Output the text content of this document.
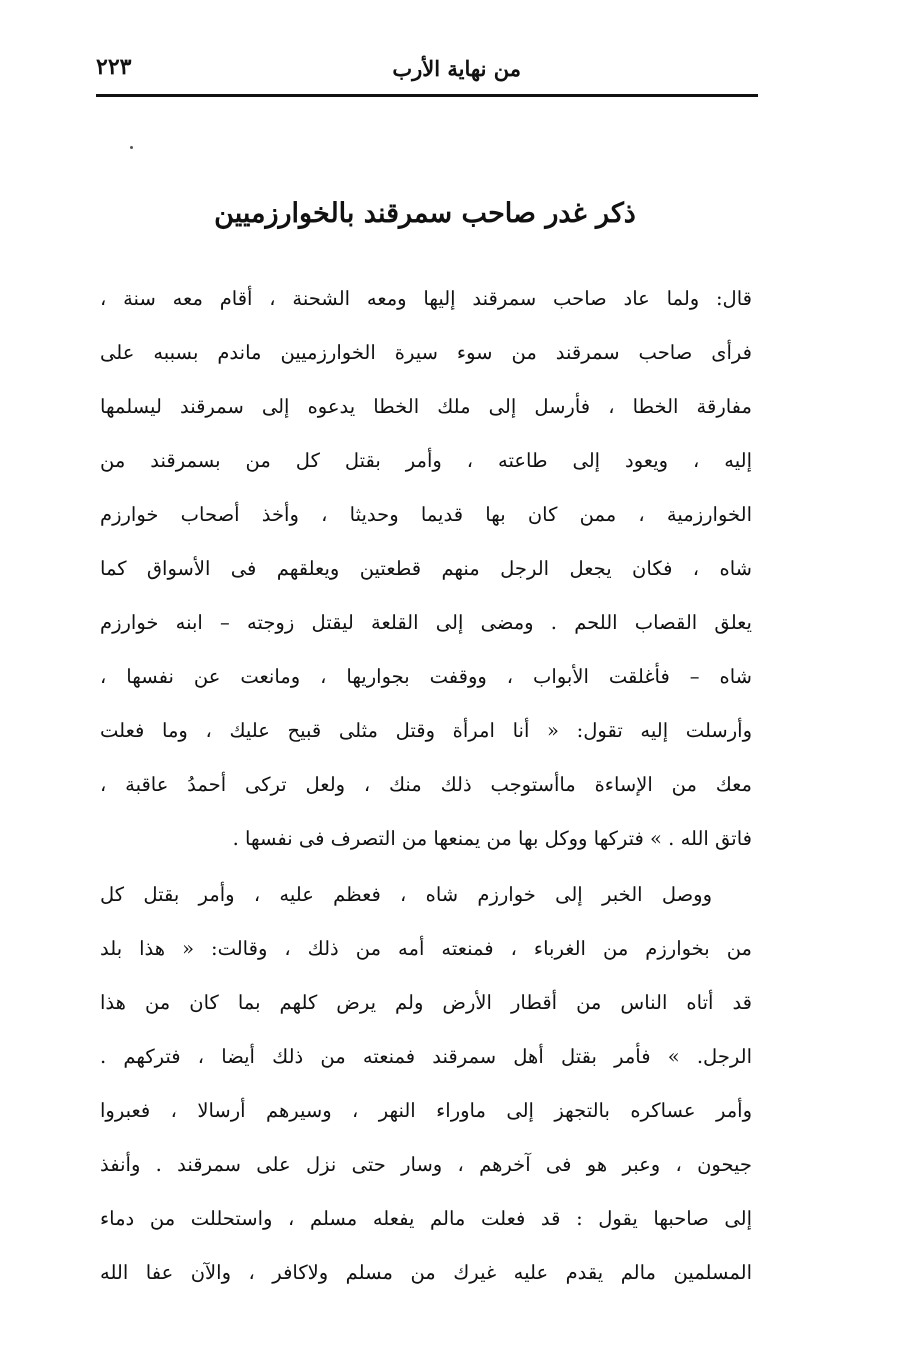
من نهاية الأرب
٢٢٣
ذكر غدر صاحب سمرقند بالخوارزميين
قال: ولما عاد صاحب سمرقند إليها ومعه الشحنة ، أقام معه سنة ،
فرأى صاحب سمرقند من سوء سيرة الخوارزميين ماندم بسببه على
مفارقة الخطا ، فأرسل إلى ملك الخطا يدعوه إلى سمرقند ليسلمها
إليه ، ويعود إلى طاعته ، وأمر بقتل كل من بسمرقند من
الخوارزمية ، ممن كان بها قديما وحديثا ، وأخذ أصحاب خوارزم
شاه ، فكان يجعل الرجل منهم قطعتين ويعلقهم فى الأسواق كما
يعلق القصاب اللحم . ومضى إلى القلعة ليقتل زوجته – ابنه خوارزم
شاه – فأغلقت الأبواب ، ووقفت بجواريها ، ومانعت عن نفسها ،
وأرسلت إليه تقول: « أنا امرأة وقتل مثلى قبيح عليك ، وما فعلت
معك من الإساءة ماأستوجب ذلك منك ، ولعل تركى أحمدُ عاقبة ،
فاتق الله . » فتركها ووكل بها من يمنعها من التصرف فى نفسها .
ووصل الخبر إلى خوارزم شاه ، فعظم عليه ، وأمر بقتل كل
من بخوارزم من الغرباء ، فمنعته أمه من ذلك ، وقالت: « هذا بلد
قد أتاه الناس من أقطار الأرض ولم يرض كلهم بما كان من هذا
الرجل. » فأمر بقتل أهل سمرقند فمنعته من ذلك أيضا ، فتركهم .
وأمر عساكره بالتجهز إلى ماوراء النهر ، وسيرهم أرسالا ، فعبروا
جيحون ، وعبر هو فى آخرهم ، وسار حتى نزل على سمرقند . وأنفذ
إلى صاحبها يقول : قد فعلت مالم يفعله مسلم ، واستحللت من دماء
المسلمين مالم يقدم عليه غيرك من مسلم ولاكافر ، والآن عفا الله
